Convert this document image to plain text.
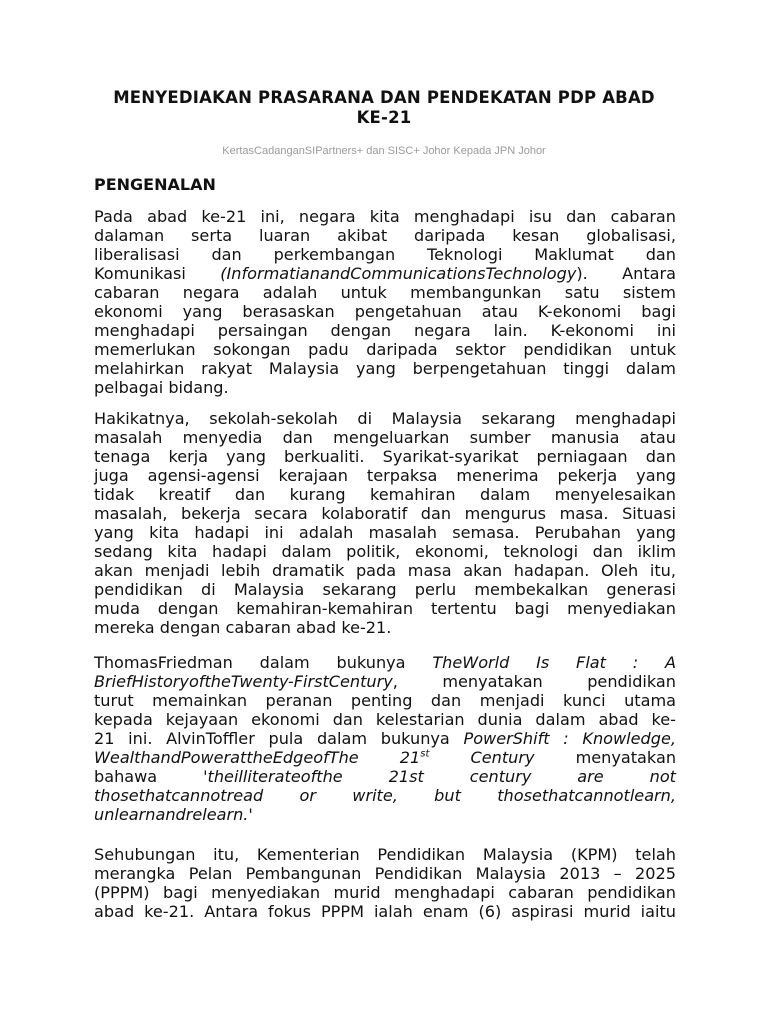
MENYEDIAKAN PRASARANA DAN PENDEKATAN PDP ABAD
KE-21
KertasCadanganSIPartners+ dan SISC+ Johor Kepada JPN Johor
PENGENALAN
Pada abad ke-21 ini, negara kita menghadapi isu dan cabaran
dalaman serta luaran akibat daripada kesan globalisasi,
liberalisasi dan perkembangan Teknologi Maklumat dan
Komunikasi (InformatianandCommunicationsTechnology). Antara
cabaran negara adalah untuk membangunkan satu sistem
ekonomi yang berasaskan pengetahuan atau K-ekonomi bagi
menghadapi persaingan dengan negara lain. K-ekonomi ini
memerlukan sokongan padu daripada sektor pendidikan untuk
melahirkan rakyat Malaysia yang berpengetahuan tinggi dalam
pelbagai bidang.
Hakikatnya, sekolah-sekolah di Malaysia sekarang menghadapi
masalah menyedia dan mengeluarkan sumber manusia atau
tenaga kerja yang berkualiti. Syarikat-syarikat perniagaan dan
juga agensi-agensi kerajaan terpaksa menerima pekerja yang
tidak kreatif dan kurang kemahiran dalam menyelesaikan
masalah, bekerja secara kolaboratif dan mengurus masa. Situasi
yang kita hadapi ini adalah masalah semasa. Perubahan yang
sedang kita hadapi dalam politik, ekonomi, teknologi dan iklim
akan menjadi lebih dramatik pada masa akan hadapan. Oleh itu,
pendidikan di Malaysia sekarang perlu membekalkan generasi
muda dengan kemahiran-kemahiran tertentu bagi menyediakan
mereka dengan cabaran abad ke-21.
ThomasFriedman dalam bukunya TheWorld Is Flat : A
BriefHistoryoftheTwenty-FirstCentury, menyatakan pendidikan
turut memainkan peranan penting dan menjadi kunci utama
kepada kejayaan ekonomi dan kelestarian dunia dalam abad ke-
21 ini. AlvinToffler pula dalam bukunya PowerShift : Knowledge,
WealthandPowerattheEdgeofThe 21st Century	menyatakan
bahawa 'theilliterateofthe 21st century are not
thosethatcannotread or write, but thosethatcannotlearn,
unlearnandrelearn.'
Sehubungan itu, Kementerian Pendidikan Malaysia (KPM) telah
merangka Pelan Pembangunan Pendidikan Malaysia 2013 – 2025
(PPPM) bagi menyediakan murid menghadapi cabaran pendidikan
abad ke-21. Antara fokus PPPM ialah enam (6) aspirasi murid iaitu
